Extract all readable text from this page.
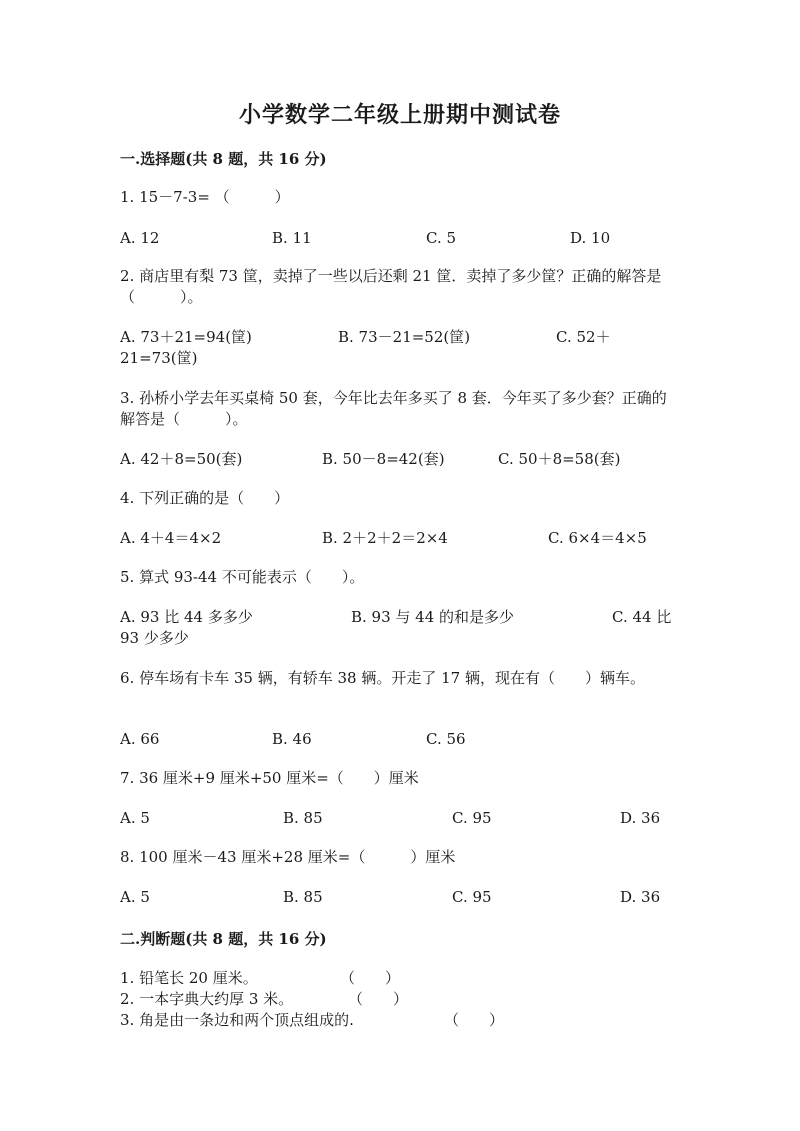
小学数学二年级上册期中测试卷
一.选择题(共 8 题，共 16 分)
1. 15－7-3= （　　　）
A. 12	B. 11	C. 5	D. 10
2. 商店里有梨 73 筐，卖掉了一些以后还剩 21 筐．卖掉了多少筐？正确的解答是（　　　）。
A. 73＋21=94(筐)	B. 73－21=52(筐)	C. 52＋
21=73(筐)
3. 孙桥小学去年买桌椅 50 套，今年比去年多买了 8 套．今年买了多少套？正确的解答是（　　　）。
A. 42＋8=50(套)	B. 50－8=42(套)	C. 50＋8=58(套)
4. 下列正确的是（　　）
A. 4＋4＝4×2	B. 2＋2＋2＝2×4	C. 6×4＝4×5
5. 算式 93-44 不可能表示（　　）。
A. 93 比 44 多多少	B. 93 与 44 的和是多少	C. 44 比
93 少多少
6. 停车场有卡车 35 辆，有轿车 38 辆。开走了 17 辆，现在有（　　）辆车。
A. 66	B. 46	C. 56
7. 36 厘米+9 厘米+50 厘米=（　　）厘米
A. 5	B. 85	C. 95	D. 36
8. 100 厘米－43 厘米+28 厘米=（　　　）厘米
A. 5	B. 85	C. 95	D. 36
二.判断题(共 8 题，共 16 分)
1. 铅笔长 20 厘米。	（　　）
2. 一本字典大约厚 3 米。	（　　）
3. 角是由一条边和两个顶点组成的.	（　　）
